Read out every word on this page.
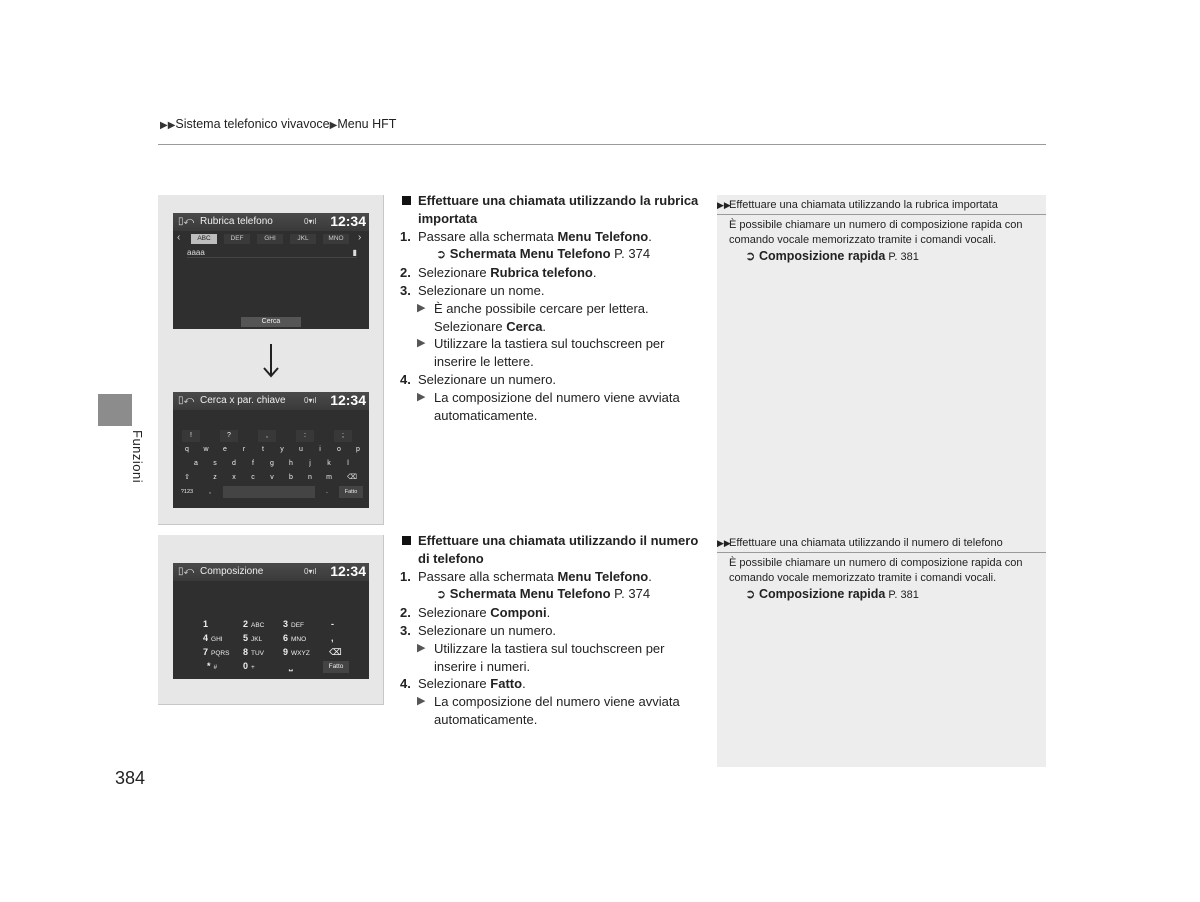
▶▶Sistema telefonico vivavoce▶Menu HFT
Funzioni
▯⤺ Rubrica telefono	0▾ıl 12:34
‹	ABC	DEF	GHI	JKL	MNO	›
aaaa	▮
Cerca
▯⤺ Cerca x par. chiave 0▾ıl 12:34
!	?	,	:	;
q	w	e	r	t	y	u	i	o	p
a	s	d	f	g	h	j	k	l
⇧	z	x	c	v	b	n	m	⌫
?123	,	.	Fatto
▯⤺ Composizione	0▾ıl 12:34
1	2 ABC	3 DEF	-
4 GHI	5 JKL	6 MNO	,
7 PQRS	8 TUV	9 WXYZ	⌫
* #	0 +	⎵	Fatto
Effettuare una chiamata utilizzando la rubrica importata
1. Passare alla schermata Menu Telefono.
➲ Schermata Menu Telefono P. 374
2. Selezionare Rubrica telefono.
3. Selezionare un nome.
▶ È anche possibile cercare per lettera. Selezionare Cerca.
▶ Utilizzare la tastiera sul touchscreen per inserire le lettere.
4. Selezionare un numero.
▶ La composizione del numero viene avviata automaticamente.
Effettuare una chiamata utilizzando il numero di telefono
1. Passare alla schermata Menu Telefono.
➲ Schermata Menu Telefono P. 374
2. Selezionare Componi.
3. Selezionare un numero.
▶ Utilizzare la tastiera sul touchscreen per inserire i numeri.
4. Selezionare Fatto.
▶ La composizione del numero viene avviata automaticamente.
▶▶Effettuare una chiamata utilizzando la rubrica importata
È possibile chiamare un numero di composizione rapida con comando vocale memorizzato tramite i comandi vocali.
➲ Composizione rapida P. 381
▶▶Effettuare una chiamata utilizzando il numero di telefono
È possibile chiamare un numero di composizione rapida con comando vocale memorizzato tramite i comandi vocali.
➲ Composizione rapida P. 381
384
